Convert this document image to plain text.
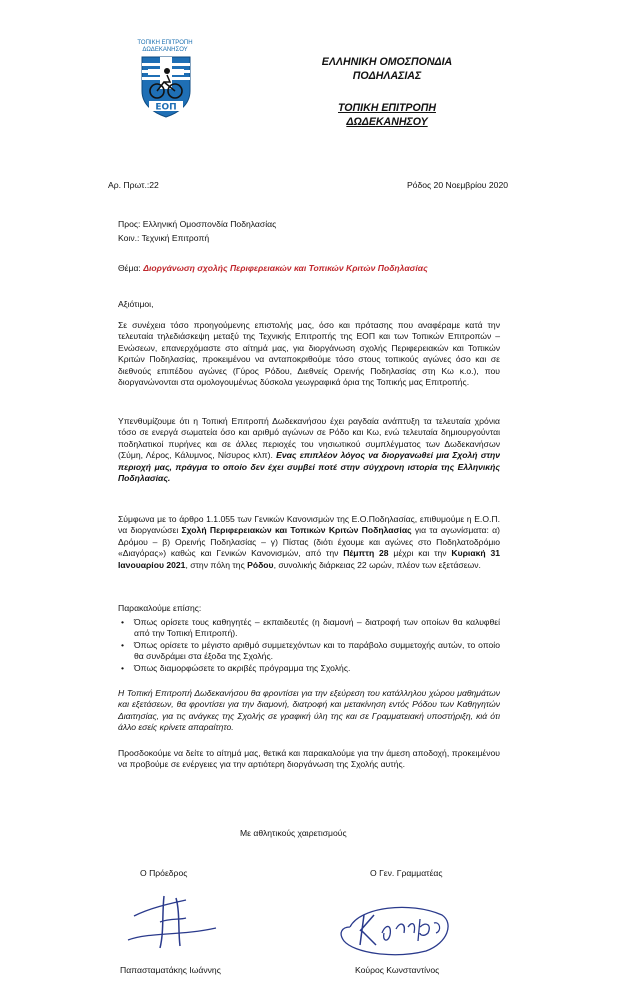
ΤΟΠΙΚΗ ΕΠΙΤΡΟΠΗ
ΔΩΔΕΚΑΝΗΣΟΥ
ΕΟΠ
ΕΛΛΗΝΙΚΗ ΟΜΟΣΠΟΝΔΙΑ
ΠΟΔΗΛΑΣΙΑΣ
ΤΟΠΙΚΗ ΕΠΙΤΡΟΠΗ
ΔΩΔΕΚΑΝΗΣΟΥ
Αρ. Πρωτ.:22	Ρόδος 20 Νοεμβρίου 2020
Προς: Ελληνική Ομοσπονδία Ποδηλασίας
Κοιν.: Τεχνική Επιτροπή
Θέμα: Διοργάνωση σχολής Περιφερειακών και Τοπικών Κριτών Ποδηλασίας
Αξιότιμοι,
Σε συνέχεια τόσο προηγούμενης επιστολής μας, όσο και πρότασης που αναφέραμε κατά την τελευταία τηλεδιάσκεψη μεταξύ της Τεχνικής Επιτροπής της ΕΟΠ και των Τοπικών Επιτροπών – Ενώσεων, επανερχόμαστε στο αίτημά μας, για διοργάνωση σχολής Περιφερειακών και Τοπικών Κριτών Ποδηλασίας, προκειμένου να ανταποκριθούμε τόσο στους τοπικούς αγώνες όσο και σε διεθνούς επιπέδου αγώνες (Γύρος Ρόδου, Διεθνείς Ορεινής Ποδηλασίας στη Κω κ.ο.), που διοργανώνονται στα ομολογουμένως δύσκολα γεωγραφικά όρια της Τοπικής μας Επιτροπής.
Υπενθυμίζουμε ότι η Τοπική Επιτροπή Δωδεκανήσου έχει ραγδαία ανάπτυξη τα τελευταία χρόνια τόσο σε ενεργά σωματεία όσο και αριθμό αγώνων σε Ρόδο και Κω, ενώ τελευταία δημιουργούνται ποδηλατικοί πυρήνες και σε άλλες περιοχές του νησιωτικού συμπλέγματος των Δωδεκανήσων (Σύμη, Λέρος, Κάλυμνος, Νίσυρος κλπ). Ενας επιπλέον λόγος να διοργανωθεί μια Σχολή στην περιοχή μας, πράγμα το οποίο δεν έχει συμβεί ποτέ στην σύγχρονη ιστορία της Ελληνικής Ποδηλασίας.
Σύμφωνα με το άρθρο 1.1.055 των Γενικών Κανονισμών της Ε.Ο.Ποδηλασίας, επιθυμούμε η Ε.Ο.Π. να διοργανώσει Σχολή Περιφερειακών και Τοπικών Κριτών Ποδηλασίας για τα αγωνίσματα: α) Δρόμου – β) Ορεινής Ποδηλασίας – γ) Πίστας (διότι έχουμε και αγώνες στο Ποδηλατοδρόμιο «Διαγόρας») καθώς και Γενικών Κανονισμών, από την Πέμπτη 28 μέχρι και την Κυριακή 31 Ιανουαρίου 2021, στην πόλη της Ρόδου, συνολικής διάρκειας 22 ωρών, πλέον των εξετάσεων.
Παρακαλούμε επίσης:
• Όπως ορίσετε τους καθηγητές – εκπαιδευτές (η διαμονή – διατροφή των οποίων θα καλυφθεί από την Τοπική Επιτροπή).
• Όπως ορίσετε το μέγιστο αριθμό συμμετεχόντων και το παράβολο συμμετοχής αυτών, το οποίο θα συνδράμει στα έξοδα της Σχολής.
• Όπως διαμορφώσετε το ακριβές πρόγραμμα της Σχολής.
Η Τοπική Επιτροπή Δωδεκανήσου θα φροντίσει για την εξεύρεση του κατάλληλου χώρου μαθημάτων και εξετάσεων, θα φροντίσει για την διαμονή, διατροφή και μετακίνηση εντός Ρόδου των Καθηγητών Διαιτησίας, για τις ανάγκες της Σχολής σε γραφική ύλη της και σε Γραμματειακή υποστήριξη, κιά ότι άλλο εσείς κρίνετε απαραίτητο.
Προσδοκούμε να δείτε το αίτημά μας, θετικά και παρακαλούμε για την άμεση αποδοχή, προκειμένου να προβούμε σε ενέργειες για την αρτιότερη διοργάνωση της Σχολής αυτής.
Με αθλητικούς χαιρετισμούς
Ο Πρόεδρος	Ο Γεν. Γραμματέας
Παπασταματάκης Ιωάννης	Κούρος Κωνσταντίνος
